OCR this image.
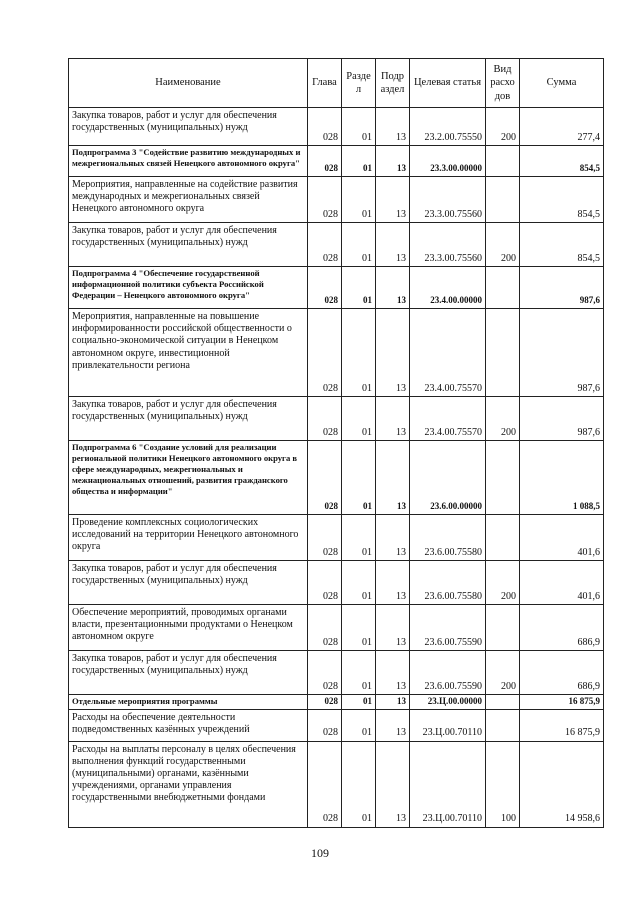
Наименование	Глава	Разде л	Подр аздел	Целевая статья	Вид расхо дов	Сумма
Закупка товаров, работ и услуг для обеспечения государственных (муниципальных) нужд	028	01	13	23.2.00.75550	200	277,4
Подпрограмма 3 "Содействие развитию международных и межрегиональных связей Ненецкого автономного округа"	028	01	13	23.3.00.00000		854,5
Мероприятия, направленные на содействие развития международных и межрегиональных связей Ненецкого автономного округа	028	01	13	23.3.00.75560		854,5
Закупка товаров, работ и услуг для обеспечения государственных (муниципальных) нужд	028	01	13	23.3.00.75560	200	854,5
Подпрограмма 4 "Обеспечение государственной информационной политики субъекта Российской Федерации – Ненецкого автономного округа"	028	01	13	23.4.00.00000		987,6
Мероприятия, направленные на повышение информированности российской общественности о социально-экономической ситуации в Ненецком автономном округе, инвестиционной привлекательности региона	028	01	13	23.4.00.75570		987,6
Закупка товаров, работ и услуг для обеспечения государственных (муниципальных) нужд	028	01	13	23.4.00.75570	200	987,6
Подпрограмма 6 "Создание условий для реализации региональной политики Ненецкого автономного округа в сфере международных, межрегиональных и межнациональных отношений, развития гражданского общества и информации"	028	01	13	23.6.00.00000		1 088,5
Проведение комплексных социологических исследований на территории Ненецкого автономного округа	028	01	13	23.6.00.75580		401,6
Закупка товаров, работ и услуг для обеспечения государственных (муниципальных) нужд	028	01	13	23.6.00.75580	200	401,6
Обеспечение мероприятий, проводимых органами власти, презентационными продуктами о Ненецком автономном округе	028	01	13	23.6.00.75590		686,9
Закупка товаров, работ и услуг для обеспечения государственных (муниципальных) нужд	028	01	13	23.6.00.75590	200	686,9
Отдельные мероприятия программы	028	01	13	23.Ц.00.00000		16 875,9
Расходы на обеспечение деятельности подведомственных казённых учреждений	028	01	13	23.Ц.00.70110		16 875,9
Расходы на выплаты персоналу в целях обеспечения выполнения функций государственными (муниципальными) органами, казёнными учреждениями, органами управления государственными внебюджетными фондами	028	01	13	23.Ц.00.70110	100	14 958,6
109
